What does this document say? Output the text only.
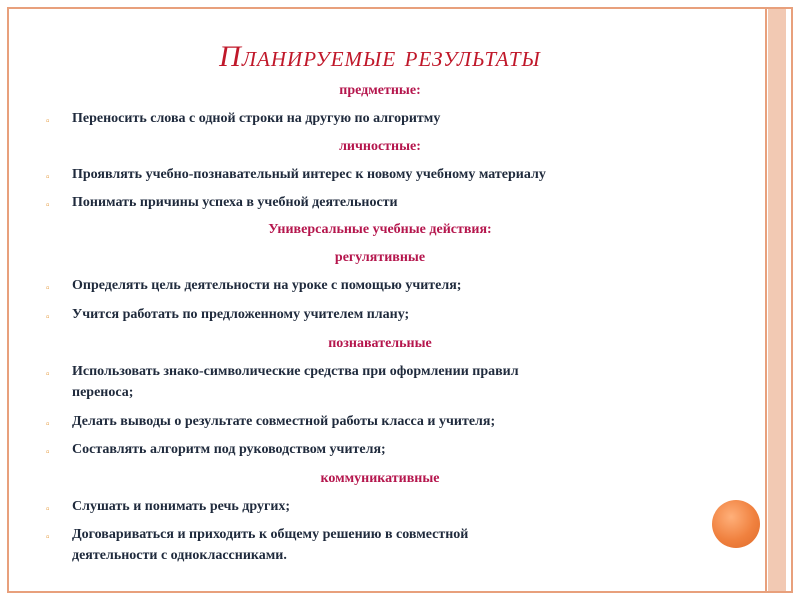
Планируемые результаты
предметные:
▫ Переносить слова с одной строки на другую по алгоритму
личностные:
▫ Проявлять учебно-познавательный интерес к новому учебному материалу
▫ Понимать причины успеха в учебной деятельности
Универсальные учебные действия:
регулятивные
▫ Определять цель деятельности на уроке с помощью учителя;
▫ Учится работать по предложенному учителем плану;
познавательные
▫ Использовать знако-символические средства при оформлении правил
переноса;
▫ Делать выводы о результате совместной работы класса и учителя;
▫ Составлять алгоритм под руководством учителя;
коммуникативные
▫ Слушать и понимать речь других;
▫ Договариваться и приходить к общему решению в совместной
деятельности с одноклассниками.
